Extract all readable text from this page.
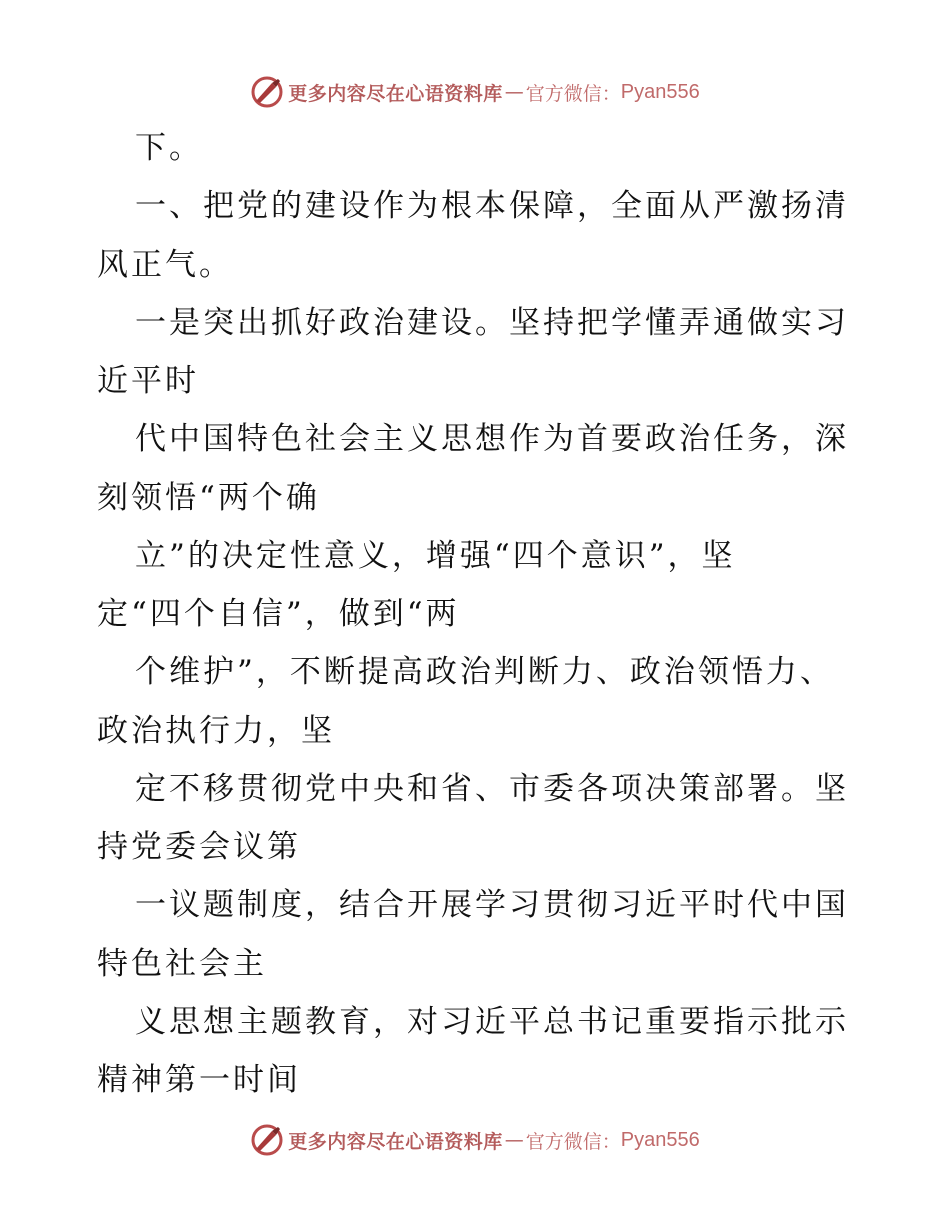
更多内容尽在心语资料库 — 官方微信： Pyan556
下。
一、把党的建设作为根本保障，全面从严激扬清
风正气。
一是突出抓好政治建设。坚持把学懂弄通做实习
近平时
代中国特色社会主义思想作为首要政治任务，深
刻领悟“两个确
立”的决定性意义，增强“四个意识”，坚
定“四个自信”，做到“两
个维护”，不断提高政治判断力、政治领悟力、
政治执行力，坚
定不移贯彻党中央和省、市委各项决策部署。坚
持党委会议第
一议题制度，结合开展学习贯彻习近平时代中国
特色社会主
义思想主题教育，对习近平总书记重要指示批示
精神第一时间
更多内容尽在心语资料库 — 官方微信： Pyan556
